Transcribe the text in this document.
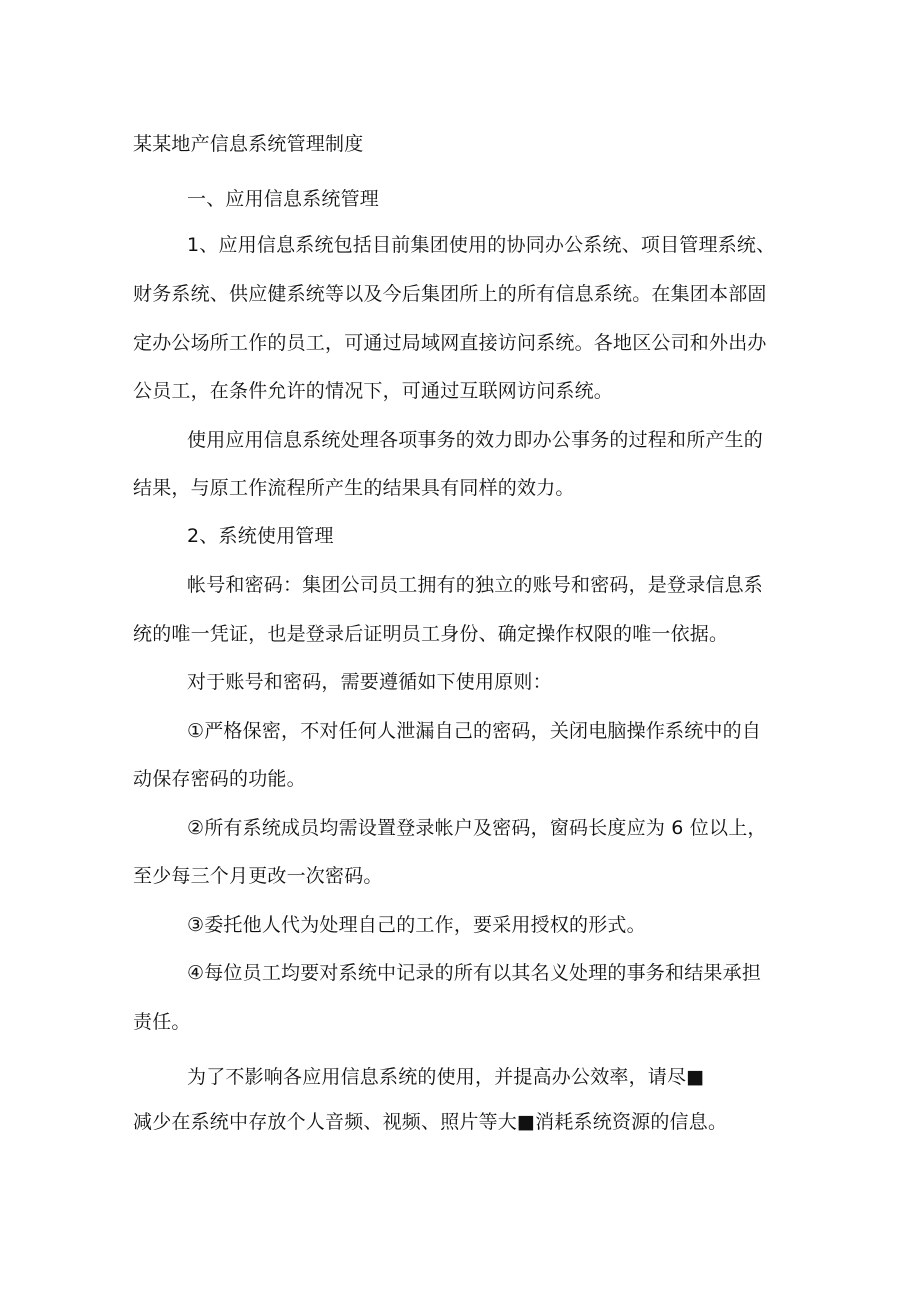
某某地产信息系统管理制度
一、应用信息系统管理
1、应用信息系统包括目前集团使用的协同办公系统、项目管理系统、
财务系统、供应健系统等以及今后集团所上的所有信息系统。在集团本部固
定办公场所工作的员工，可通过局域网直接访问系统。各地区公司和外出办
公员工，在条件允许的情况下，可通过互联网访问系统。
使用应用信息系统处理各项事务的效力即办公事务的过程和所产生的
结果，与原工作流程所产生的结果具有同样的效力。
2、系统使用管理
帐号和密码：集团公司员工拥有的独立的账号和密码，是登录信息系
统的唯一凭证，也是登录后证明员工身份、确定操作权限的唯一依据。
对于账号和密码，需要遵循如下使用原则：
①严格保密，不对任何人泄漏自己的密码，关闭电脑操作系统中的自
动保存密码的功能。
②所有系统成员均需设置登录帐户及密码，窗码长度应为 6 位以上，
至少每三个月更改一次密码。
③委托他人代为处理自己的工作，要采用授权的形式。
④每位员工均要对系统中记录的所有以其名义处理的事务和结果承担
责任。
为了不影响各应用信息系统的使用，并提高办公效率，请尽■
减少在系统中存放个人音频、视频、照片等大■消耗系统资源的信息。
